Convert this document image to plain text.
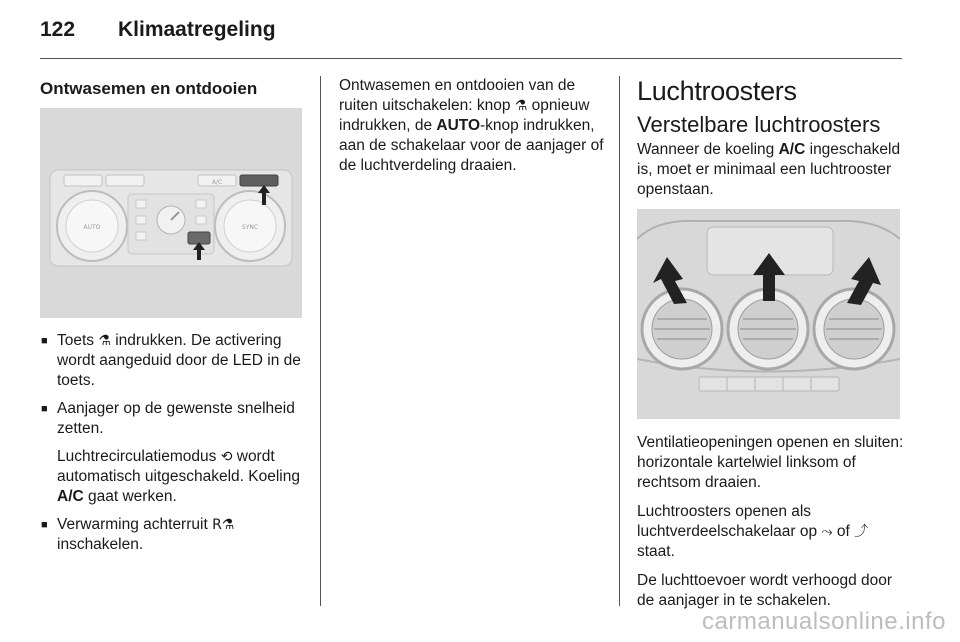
122 Klimaatregeling
Ontwasemen en ontdooien
A/C
AUTO	SYNC

■ Toets ⚗ indrukken. De activering wordt aangeduid door de LED in de toets.

■ Aanjager op de gewenste snelheid zetten.

Luchtrecirculatiemodus ⟲ wordt automatisch uitgeschakeld. Koeling A/C gaat werken.

■ Verwarming achterruit R⚗ inschakelen.

Ontwasemen en ontdooien van de ruiten uitschakelen: knop ⚗ opnieuw indrukken, de AUTO-knop indrukken, aan de schakelaar voor de aanjager of de luchtverdeling draaien.

Luchtroosters
Verstelbare luchtroosters

Wanneer de koeling A/C ingeschakeld is, moet er minimaal een luchtrooster openstaan.

Ventilatieopeningen openen en sluiten: horizontale kartelwiel linksom of rechtsom draaien.

Luchtroosters openen als luchtverdeelschakelaar op ⤳ of ⤴ staat.

De luchttoevoer wordt verhoogd door de aanjager in te schakelen.

carmanualsonline.info
